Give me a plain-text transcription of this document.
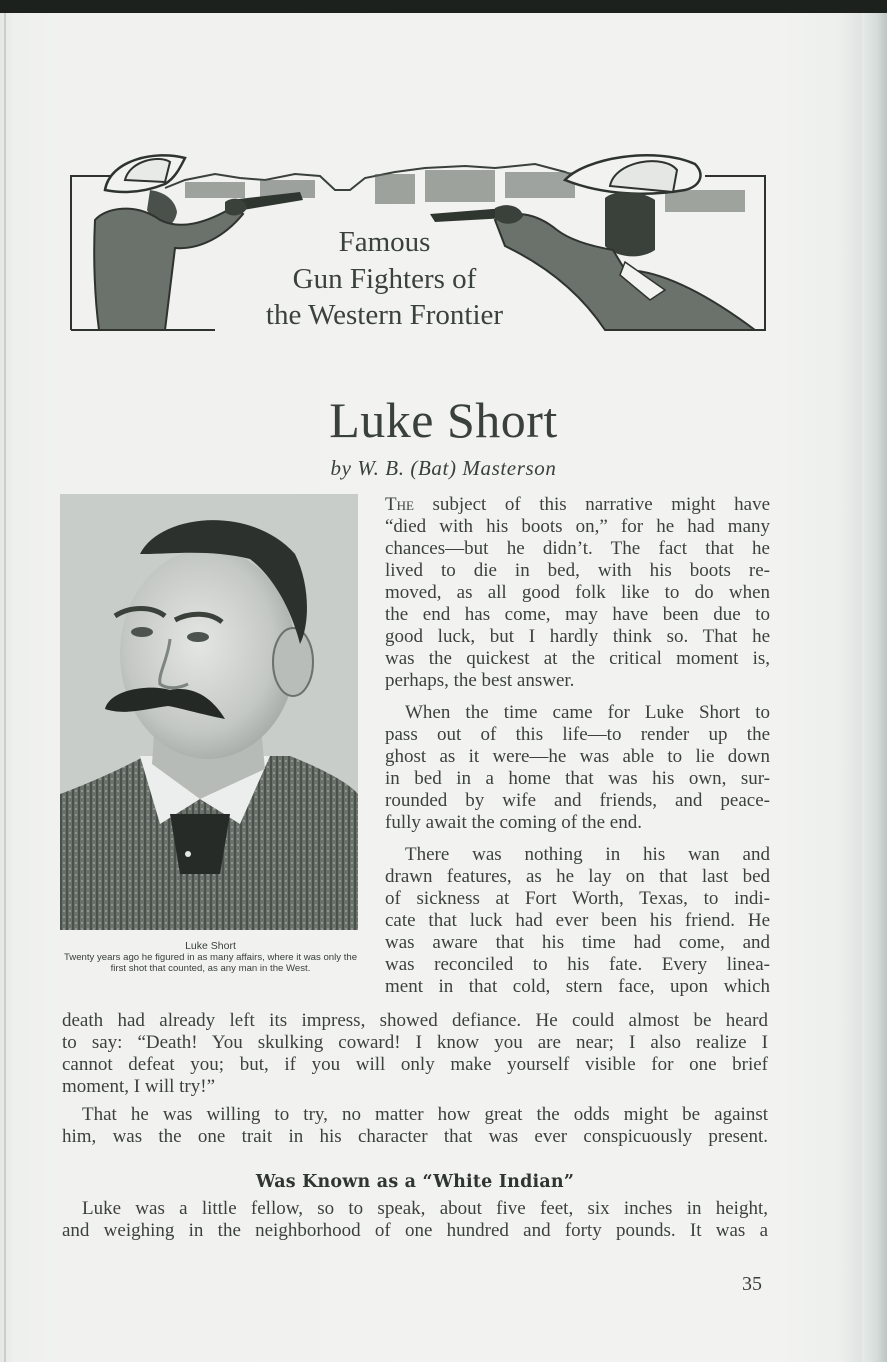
Famous
Gun Fighters of
the Western Frontier
Luke Short
by W. B. (Bat) Masterson
Luke Short
Twenty years ago he figured in as many affairs, where it was only the first shot that counted, as any man in the West.
The subject of this narrative might have

“died with his boots on,” for he had many

chances—but he didn’t. The fact that he

lived to die in bed, with his boots re-

moved, as all good folk like to do when

the end has come, may have been due to

good luck, but I hardly think so. That he

was the quickest at the critical moment is,

perhaps, the best answer.

When the time came for Luke Short to

pass out of this life—to render up the

ghost as it were—he was able to lie down

in bed in a home that was his own, sur-

rounded by wife and friends, and peace-

fully await the coming of the end.

There was nothing in his wan and

drawn features, as he lay on that last bed

of sickness at Fort Worth, Texas, to indi-

cate that luck had ever been his friend. He

was aware that his time had come, and

was reconciled to his fate. Every linea-

ment in that cold, stern face, upon which

death had already left its impress, showed defiance. He could almost be heard
to say: “Death! You skulking coward! I know you are near; I also realize I
cannot defeat you; but, if you will only make yourself visible for one brief
moment, I will try!”
That he was willing to try, no matter how great the odds might be against
him, was the one trait in his character that was ever conspicuously present.
Was Known as a “White Indian”
Luke was a little fellow, so to speak, about five feet, six inches in height,
and weighing in the neighborhood of one hundred and forty pounds. It was a
35
